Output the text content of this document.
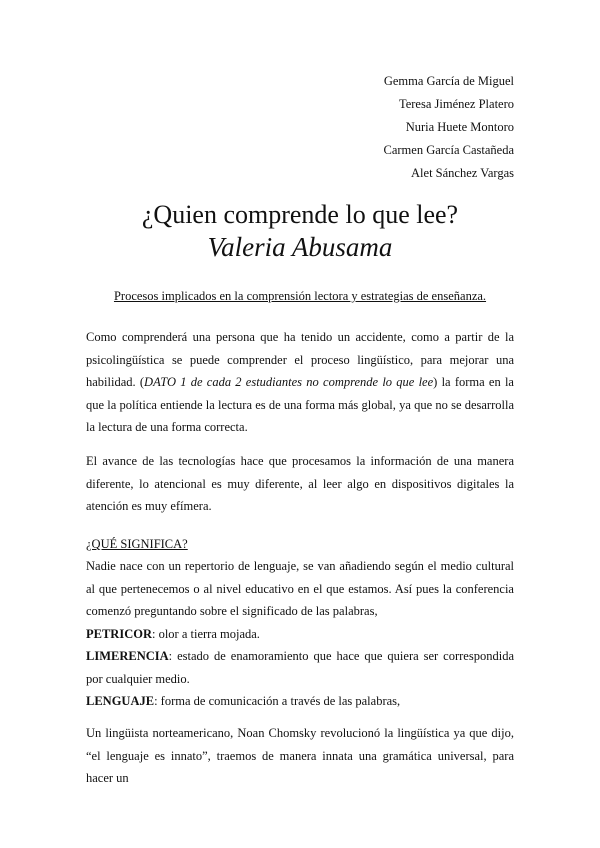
Gemma García de Miguel
Teresa Jiménez Platero
Nuria Huete Montoro
Carmen García Castañeda
Alet Sánchez Vargas
¿Quien comprende lo que lee?
Valeria Abusama
Procesos implicados en la comprensión lectora y estrategias de enseñanza.
Como comprenderá una persona que ha tenido un accidente, como a partir de la psicolingüística se puede comprender el proceso lingüístico, para mejorar una habilidad. (DATO 1 de cada 2 estudiantes no comprende lo que lee) la forma en la que la política entiende la lectura es de una forma más global, ya que no se desarrolla la lectura de una forma correcta.
El avance de las tecnologías hace que procesamos la información de una manera diferente, lo atencional es muy diferente, al leer algo en dispositivos digitales la atención es muy efímera.
¿QUÉ SIGNIFICA?

Nadie nace con un repertorio de lenguaje, se van añadiendo según el medio cultural al que pertenecemos o al nivel educativo en el que estamos. Así pues la conferencia comenzó preguntando sobre el significado de las palabras,

PETRICOR: olor a tierra mojada.

LIMERENCIA: estado de enamoramiento que hace que quiera ser correspondida por cualquier medio.

LENGUAJE: forma de comunicación a través de las palabras,

Un lingüista norteamericano, Noan Chomsky revolucionó la lingüística ya que dijo, “el lenguaje es innato”, traemos de manera innata una gramática universal, para hacer un
